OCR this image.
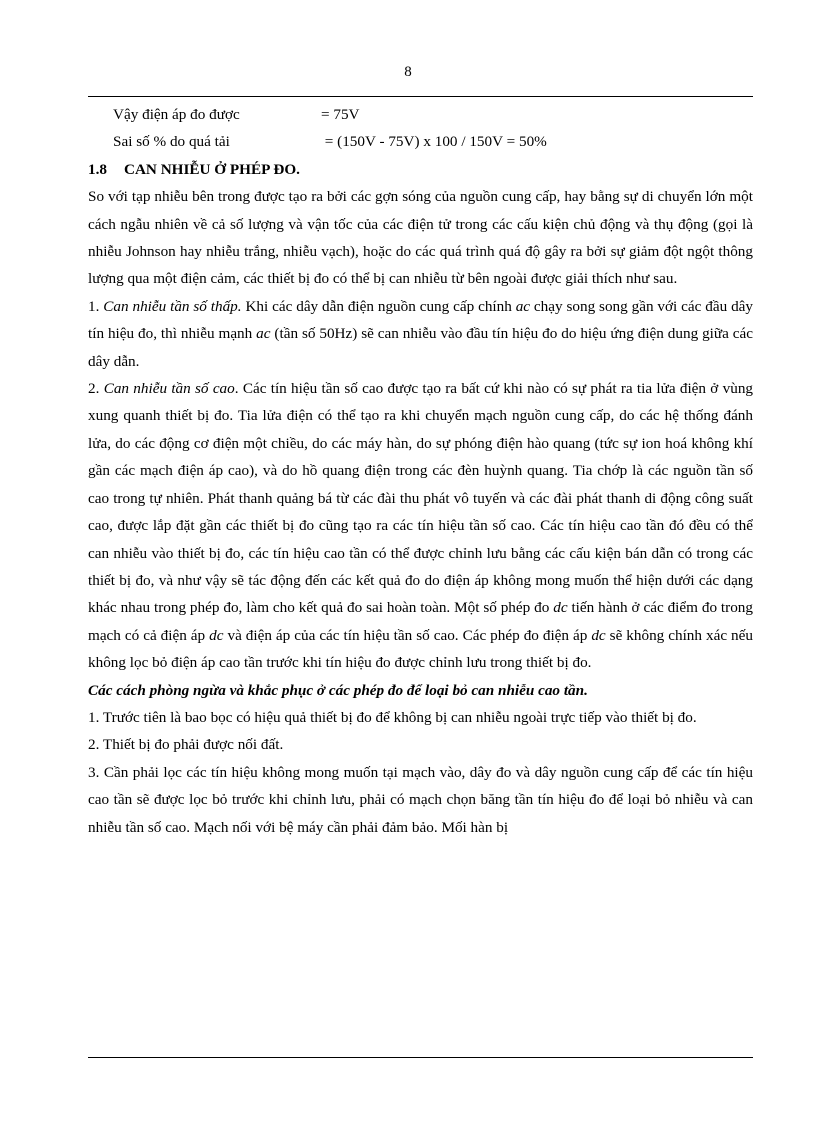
8
Vậy điện áp đo được	= 75V
Sai số % do quá tải	= (150V - 75V) x 100 / 150V = 50%
1.8 CAN NHIỄU Ở PHÉP ĐO.

So với tạp nhiễu bên trong được tạo ra bởi các gợn sóng của nguồn cung cấp, hay bằng sự di chuyển lớn một cách ngẫu nhiên về cả số lượng và vận tốc của các điện tử trong các cấu kiện chủ động và thụ động (gọi là nhiễu Johnson hay nhiễu trắng, nhiễu vạch), hoặc do các quá trình quá độ gây ra bởi sự giảm đột ngột thông lượng qua một điện cảm, các thiết bị đo có thể bị can nhiễu từ bên ngoài được giải thích như sau.

1. Can nhiễu tần số thấp. Khi các dây dẫn điện nguồn cung cấp chính ac chạy song song gần với các đầu dây tín hiệu đo, thì nhiễu mạnh ac (tần số 50Hz) sẽ can nhiễu vào đầu tín hiệu đo do hiệu ứng điện dung giữa các dây dẫn.

2. Can nhiễu tần số cao. Các tín hiệu tần số cao được tạo ra bất cứ khi nào có sự phát ra tia lửa điện ở vùng xung quanh thiết bị đo. Tia lửa điện có thể tạo ra khi chuyển mạch nguồn cung cấp, do các hệ thống đánh lửa, do các động cơ điện một chiều, do các máy hàn, do sự phóng điện hào quang (tức sự ion hoá không khí gần các mạch điện áp cao), và do hồ quang điện trong các đèn huỳnh quang. Tia chớp là các nguồn tần số cao trong tự nhiên. Phát thanh quảng bá từ các đài thu phát vô tuyến và các đài phát thanh di động công suất cao, được lắp đặt gần các thiết bị đo cũng tạo ra các tín hiệu tần số cao. Các tín hiệu cao tần đó đều có thể can nhiễu vào thiết bị đo, các tín hiệu cao tần có thể được chỉnh lưu bằng các cấu kiện bán dẫn có trong các thiết bị đo, và như vậy sẽ tác động đến các kết quả đo do điện áp không mong muốn thể hiện dưới các dạng khác nhau trong phép đo, làm cho kết quả đo sai hoàn toàn. Một số phép đo dc tiến hành ở các điểm đo trong mạch có cả điện áp dc và điện áp của các tín hiệu tần số cao. Các phép đo điện áp dc sẽ không chính xác nếu không lọc bỏ điện áp cao tần trước khi tín hiệu đo được chỉnh lưu trong thiết bị đo.

Các cách phòng ngừa và khắc phục ở các phép đo để loại bỏ can nhiễu cao tần.

1. Trước tiên là bao bọc có hiệu quả thiết bị đo để không bị can nhiễu ngoài trực tiếp vào thiết bị đo.

2. Thiết bị đo phải được nối đất.

3. Cần phải lọc các tín hiệu không mong muốn tại mạch vào, dây đo và dây nguồn cung cấp để các tín hiệu cao tần sẽ được lọc bỏ trước khi chỉnh lưu, phải có mạch chọn băng tần tín hiệu đo để loại bỏ nhiễu và can nhiễu tần số cao. Mạch nối với bệ máy cần phải đảm bảo. Mối hàn bị
